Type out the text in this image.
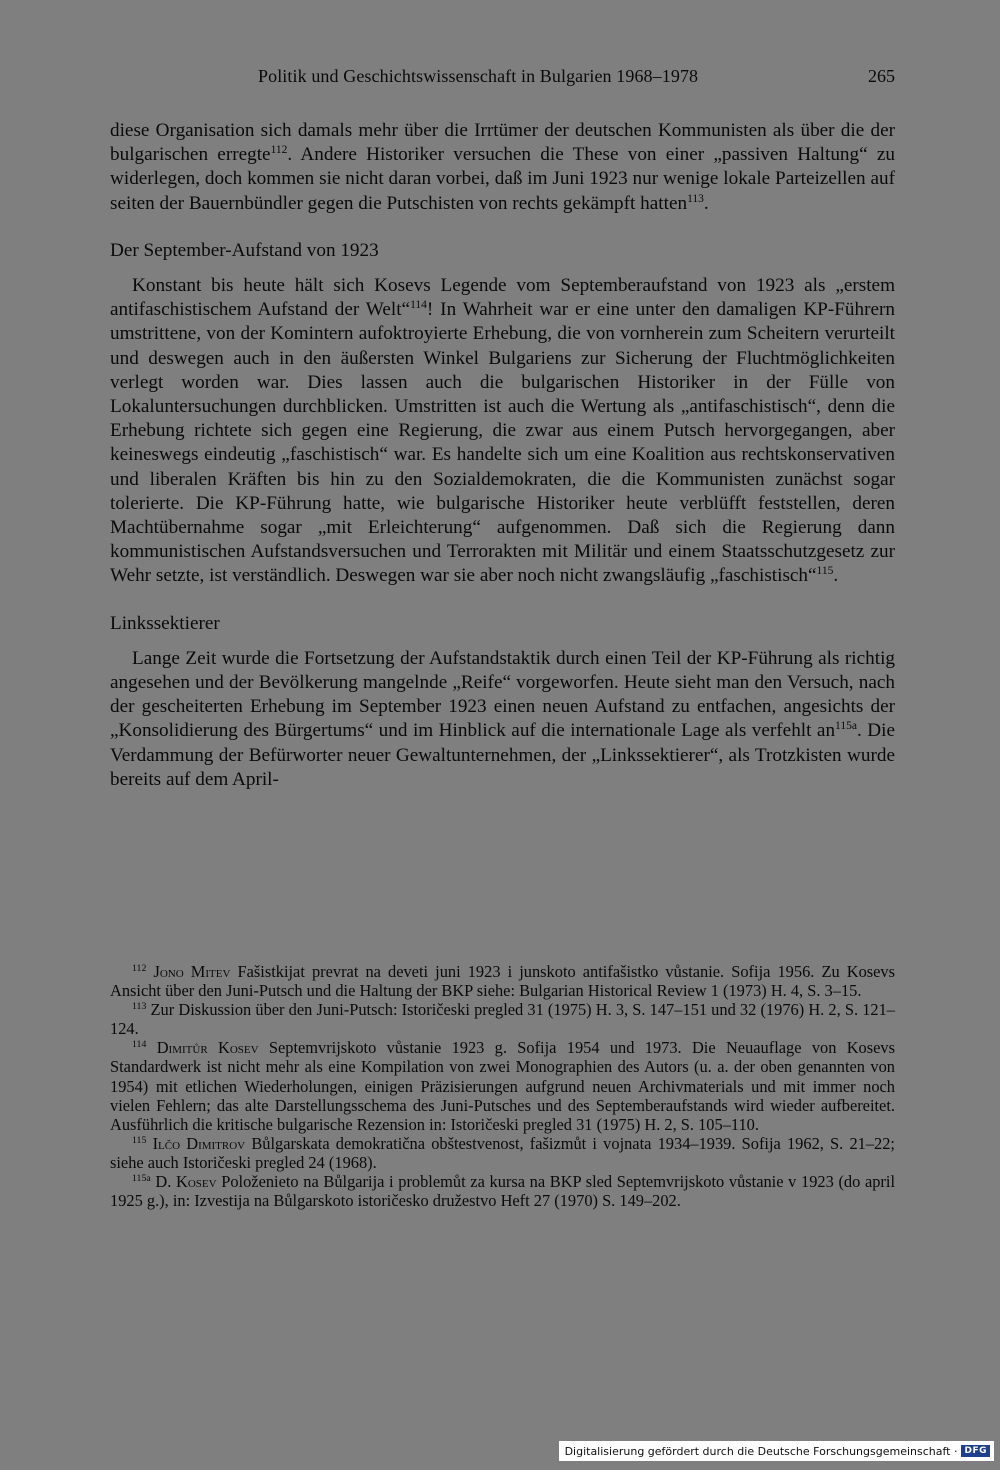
Politik und Geschichtswissenschaft in Bulgarien 1968–1978	265

diese Organisation sich damals mehr über die Irrtümer der deutschen Kommunisten als über die der bulgarischen erregte$^{112}$. Andere Historiker versuchen die These von einer „passiven Haltung“ zu widerlegen, doch kommen sie nicht daran vorbei, daß im Juni 1923 nur wenige lokale Parteizellen auf seiten der Bauernbündler gegen die Putschisten von rechts gekämpft hatten$^{113}$.

Der September-Aufstand von 1923

Konstant bis heute hält sich Kosevs Legende vom Septemberaufstand von 1923 als „erstem antifaschistischem Aufstand der Welt“$^{114}$! In Wahrheit war er eine unter den damaligen KP-Führern umstrittene, von der Komintern aufoktroyierte Erhebung, die von vornherein zum Scheitern verurteilt und deswegen auch in den äußersten Winkel Bulgariens zur Sicherung der Fluchtmöglichkeiten verlegt worden war. Dies lassen auch die bulgarischen Historiker in der Fülle von Lokaluntersuchungen durchblicken. Umstritten ist auch die Wertung als „antifaschistisch“, denn die Erhebung richtete sich gegen eine Regierung, die zwar aus einem Putsch hervorgegangen, aber keineswegs eindeutig „faschistisch“ war. Es handelte sich um eine Koalition aus rechtskonservativen und liberalen Kräften bis hin zu den Sozialdemokraten, die die Kommunisten zunächst sogar tolerierte. Die KP-Führung hatte, wie bulgarische Historiker heute verblüfft feststellen, deren Machtübernahme sogar „mit Erleichterung“ aufgenommen. Daß sich die Regierung dann kommunistischen Aufstandsversuchen und Terrorakten mit Militär und einem Staatsschutzgesetz zur Wehr setzte, ist verständlich. Deswegen war sie aber noch nicht zwangsläufig „faschistisch“$^{115}$.

Linkssektierer

Lange Zeit wurde die Fortsetzung der Aufstandstaktik durch einen Teil der KP-Führung als richtig angesehen und der Bevölkerung mangelnde „Reife“ vorgeworfen. Heute sieht man den Versuch, nach der gescheiterten Erhebung im September 1923 einen neuen Aufstand zu entfachen, angesichts der „Konsolidierung des Bürgertums“ und im Hinblick auf die internationale Lage als verfehlt $an^{115a}$. Die Verdammung der Befürworter neuer Gewaltunternehmen, der „Linkssektierer“, als Trotzkisten wurde bereits auf dem April-

$^{112}$ Jono Mitev Fašistkijat prevrat na deveti juni 1923 i junskoto antifašistko vůstanie. Sofija 1956. Zu Kosevs Ansicht über den Juni-Putsch und die Haltung der BKP siehe: Bulgarian Historical Review 1 (1973) H. 4, S. 3–15.

$^{113}$ Zur Diskussion über den Juni-Putsch: Istoričeski pregled 31 (1975) H. 3, S. 147–151 und 32 (1976) H. 2, S. 121–124.

$^{114}$ Dimitůr Kosev Septemvrijskoto vůstanie 1923 g. Sofija 1954 und 1973. Die Neuauflage von Kosevs Standardwerk ist nicht mehr als eine Kompilation von zwei Monographien des Autors (u. a. der oben genannten von 1954) mit etlichen Wiederholungen, einigen Präzisierungen aufgrund neuen Archivmaterials und mit immer noch vielen Fehlern; das alte Darstellungsschema des Juni-Putsches und des Septemberaufstands wird wieder aufbereitet. Ausführlich die kritische bulgarische Rezension in: Istoričeski pregled 31 (1975) H. 2, S. 105–110.

$^{115}$ Ilčo Dimitrov Bůlgarskata demokratična obštestvenost, fašizmůt i vojnata 1934–1939. Sofija 1962, S. 21–22; siehe auch Istoričeski pregled 24 (1968).

$^{115a}$ D. Kosev Položenieto na Bůlgarija i problemůt za kursa na BKP sled Septemvrijskoto vůstanie v 1923 (do april 1925 g.), in: Izvestija na Bůlgarskoto istoričesko družestvo Heft 27 (1970) S. 149–202.

Digitalisierung gefördert durch die Deutsche Forschungsgemeinschaft · DFG
